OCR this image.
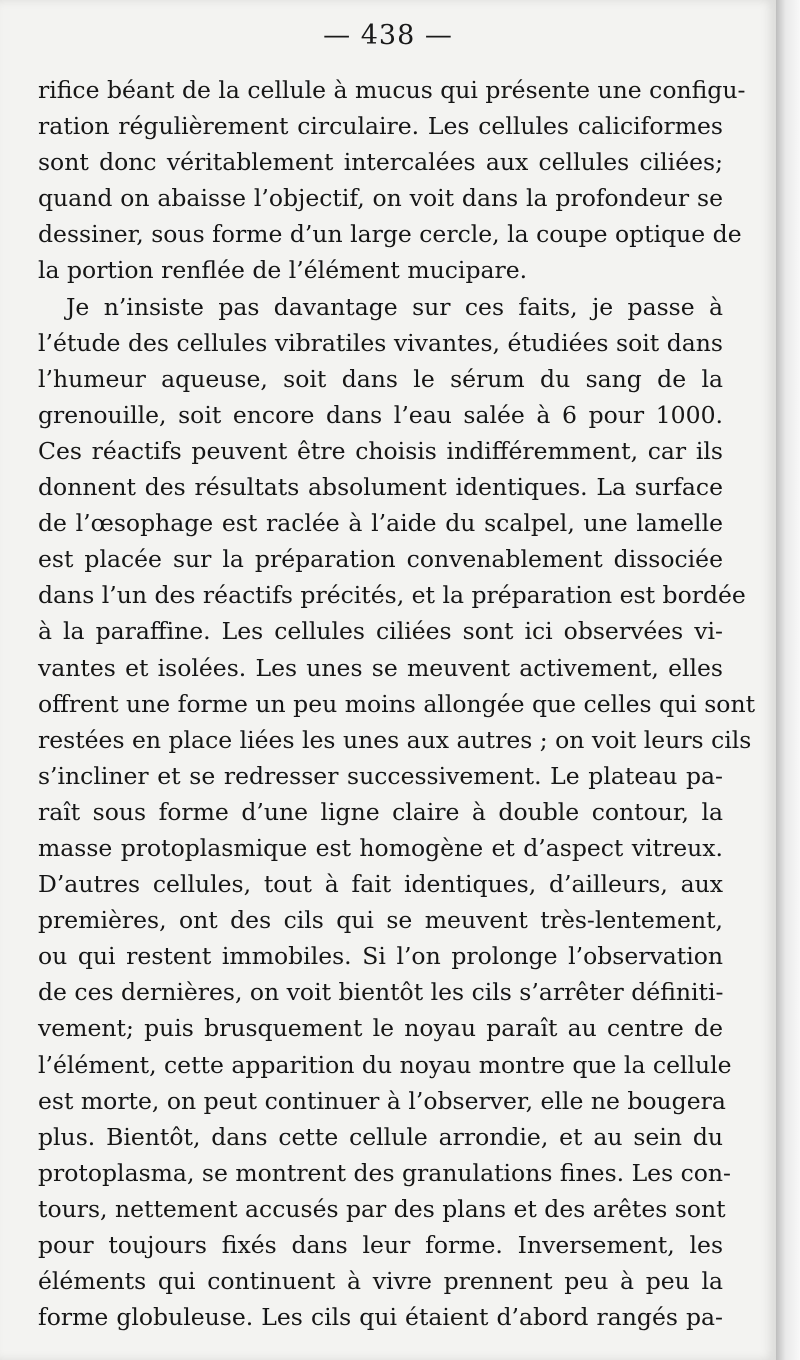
— 438 —
rifice béant de la cellule à mucus qui présente une configu-
ration régulièrement circulaire. Les cellules caliciformes
sont donc véritablement intercalées aux cellules ciliées;
quand on abaisse l’objectif, on voit dans la profondeur se
dessiner, sous forme d’un large cercle, la coupe optique de
la portion renflée de l’élément mucipare.
Je n’insiste pas davantage sur ces faits, je passe à
l’étude des cellules vibratiles vivantes, étudiées soit dans
l’humeur aqueuse, soit dans le sérum du sang de la
grenouille, soit encore dans l’eau salée à 6 pour 1000.
Ces réactifs peuvent être choisis indifféremment, car ils
donnent des résultats absolument identiques. La surface
de l’œsophage est raclée à l’aide du scalpel, une lamelle
est placée sur la préparation convenablement dissociée
dans l’un des réactifs précités, et la préparation est bordée
à la paraffine. Les cellules ciliées sont ici observées vi-
vantes et isolées. Les unes se meuvent activement, elles
offrent une forme un peu moins allongée que celles qui sont
restées en place liées les unes aux autres ; on voit leurs cils
s’incliner et se redresser successivement. Le plateau pa-
raît sous forme d’une ligne claire à double contour, la
masse protoplasmique est homogène et d’aspect vitreux.
D’autres cellules, tout à fait identiques, d’ailleurs, aux
premières, ont des cils qui se meuvent très-lentement,
ou qui restent immobiles. Si l’on prolonge l’observation
de ces dernières, on voit bientôt les cils s’arrêter définiti-
vement; puis brusquement le noyau paraît au centre de
l’élément, cette apparition du noyau montre que la cellule
est morte, on peut continuer à l’observer, elle ne bougera
plus. Bientôt, dans cette cellule arrondie, et au sein du
protoplasma, se montrent des granulations fines. Les con-
tours, nettement accusés par des plans et des arêtes sont
pour toujours fixés dans leur forme. Inversement, les
éléments qui continuent à vivre prennent peu à peu la
forme globuleuse. Les cils qui étaient d’abord rangés pa-
